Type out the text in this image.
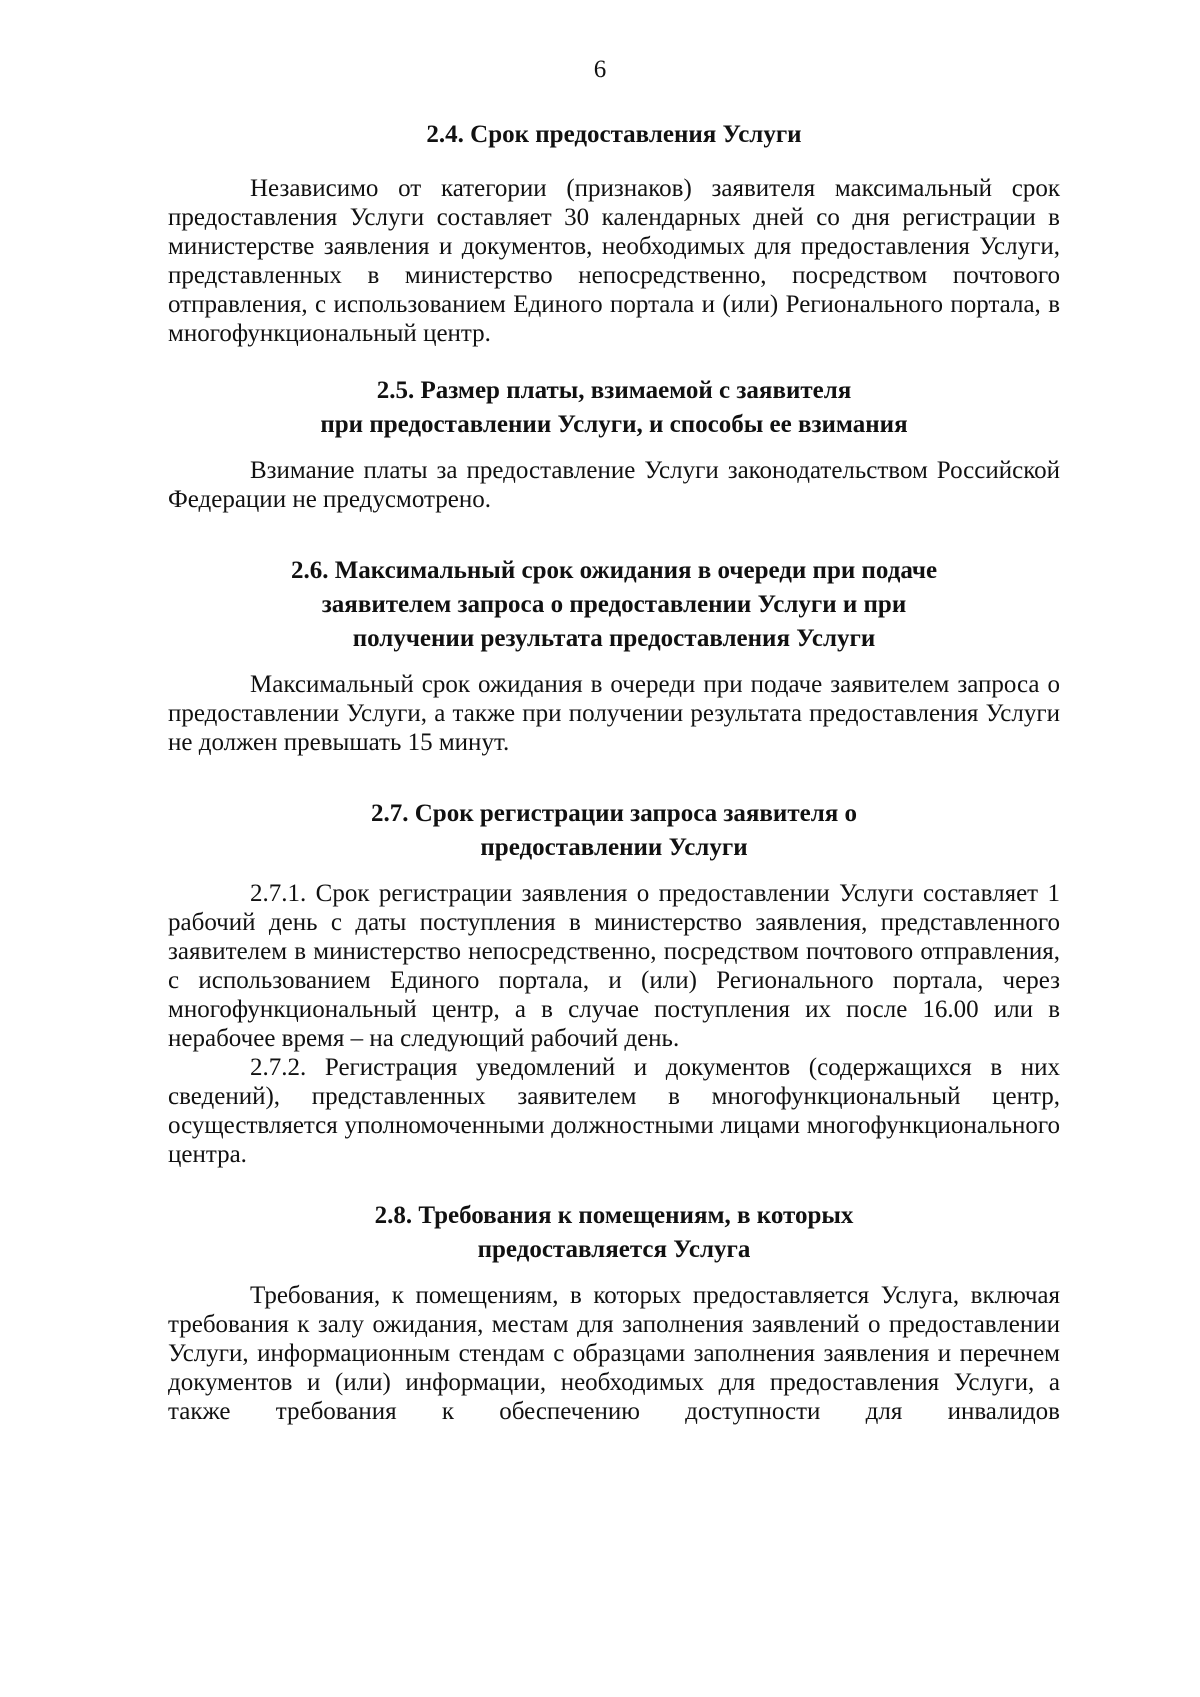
6
2.4. Срок предоставления Услуги

Независимо от категории (признаков) заявителя максимальный срок предоставления Услуги составляет 30 календарных дней со дня регистрации в министерстве заявления и документов, необходимых для предоставления Услуги, представленных в министерство непосредственно, посредством почтового отправления, с использованием Единого портала и (или) Регионального портала, в многофункциональный центр.

2.5. Размер платы, взимаемой с заявителя
при предоставлении Услуги, и способы ее взимания

Взимание платы за предоставление Услуги законодательством Российской Федерации не предусмотрено.

2.6. Максимальный срок ожидания в очереди при подаче
заявителем запроса о предоставлении Услуги и при
получении результата предоставления Услуги

Максимальный срок ожидания в очереди при подаче заявителем запроса о предоставлении Услуги, а также при получении результата предоставления Услуги не должен превышать 15 минут.

2.7. Срок регистрации запроса заявителя о
предоставлении Услуги

2.7.1. Срок регистрации заявления о предоставлении Услуги составляет 1 рабочий день с даты поступления в министерство заявления, представленного заявителем в министерство непосредственно, посредством почтового отправления, с использованием Единого портала, и (или) Регионального портала, через многофункциональный центр, а в случае поступления их после 16.00 или в нерабочее время – на следующий рабочий день.

2.7.2. Регистрация уведомлений и документов (содержащихся в них сведений), представленных заявителем в многофункциональный центр, осуществляется уполномоченными должностными лицами многофункционального центра.

2.8. Требования к помещениям, в которых
предоставляется Услуга

Требования, к помещениям, в которых предоставляется Услуга, включая требования к залу ожидания, местам для заполнения заявлений о предоставлении Услуги, информационным стендам с образцами заполнения заявления и перечнем документов и (или) информации, необходимых для предоставления Услуги, а также требования к обеспечению доступности для инвалидов
